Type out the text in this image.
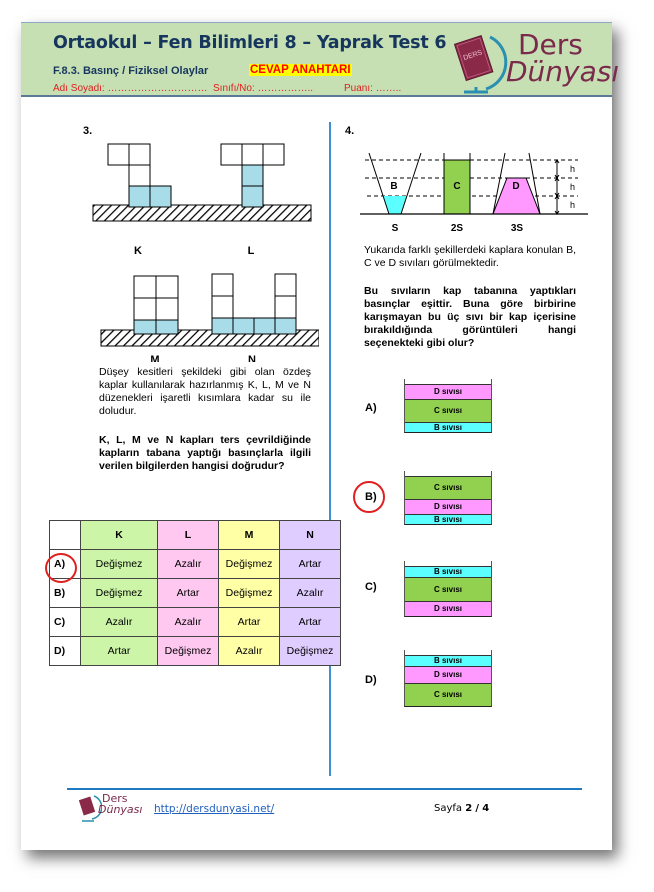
Ortaokul – Fen Bilimleri 8 – Yaprak Test 6
F.8.3. Basınç / Fiziksel Olaylar	CEVAP ANAHTARI
Adı Soyadı: ………………………… Sınıfı/No: ……………..	Puanı: ……..
DERS Ders
Dünyası
3.
K	L
M	N
Düşey kesitleri şekildeki gibi olan özdeş kaplar kullanılarak hazırlanmış K, L, M ve N düzenekleri işaretli kısımlara kadar su ile doludur.
K, L, M ve N kapları ters çevrildiğinde kapların tabana yaptığı basınçlarla ilgili verilen bilgilerden hangisi doğrudur?
	K	L	M	N
A)	Değişmez	Azalır	Değişmez	Artar
B)	Değişmez	Artar	Değişmez	Azalır
C)	Azalır	Azalır	Artar	Artar
D)	Artar	Değişmez	Azalır	Değişmez
4.
h
h
h
B	C	D
S	2S	3S
Yukarıda farklı şekillerdeki kaplara konulan B, C ve D sıvıları görülmektedir.
Bu sıvıların kap tabanına yaptıkları basınçlar eşittir. Buna göre birbirine karışmayan bu üç sıvı bir kap içerisine bırakıldığında görüntüleri hangi seçenekteki gibi olur?
A)
D sıvısı
C sıvısı
B sıvısı
B)
C sıvısı
D sıvısı
B sıvısı
C)
B sıvısı
C sıvısı
D sıvısı
D)
B sıvısı
D sıvısı
C sıvısı
Ders
Dünyası http://dersdunyasi.net/	Sayfa 2 / 4
